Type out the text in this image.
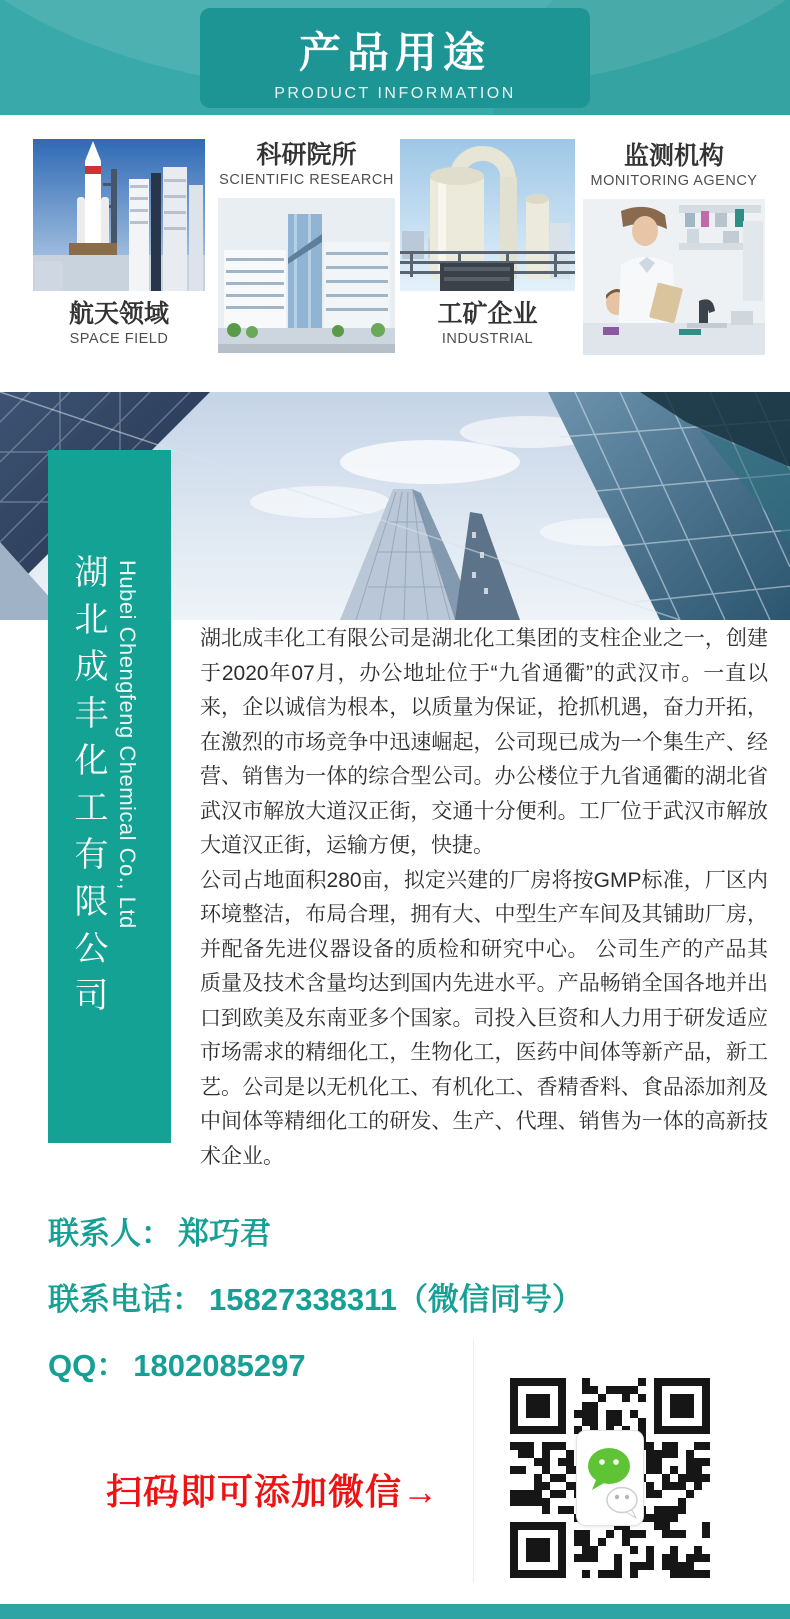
产品用途
PRODUCT INFORMATION
航天领域
SPACE FIELD
科研院所
SCIENTIFIC RESEARCH
工矿企业
INDUSTRIAL
监测机构
MONITORING AGENCY
湖北成丰化工有限公司 Hubei Chengfeng Chemical Co., Ltd	湖北成丰化工有限公司是湖北化工集团的支柱企业之一，创建于2020年07月，办公地址位于“九省通衢”的武汉市。一直以来，企以诚信为根本，以质量为保证，抢抓机遇，奋力开拓，在激烈的市场竞争中迅速崛起，公司现已成为一个集生产、经营、销售为一体的综合型公司。办公楼位于九省通衢的湖北省武汉市解放大道汉正街，交通十分便利。工厂位于武汉市解放大道汉正街，运输方便，快捷。

公司占地面积280亩，拟定兴建的厂房将按GMP标准，厂区内环境整洁，布局合理，拥有大、中型生产车间及其铺助厂房，并配备先进仪器设备的质检和研究中心。 公司生产的产品其质量及技术含量均达到国内先进水平。产品畅销全国各地并出口到欧美及东南亚多个国家。司投入巨资和人力用于研发适应市场需求的精细化工，生物化工，医药中间体等新产品，新工艺。公司是以无机化工、有机化工、香精香料、食品添加剂及中间体等精细化工的研发、生产、代理、销售为一体的高新技术企业。

联系人： 郑巧君
联系电话： 15827338311（微信同号）
QQ： 1802085297
扫码即可添加微信→
